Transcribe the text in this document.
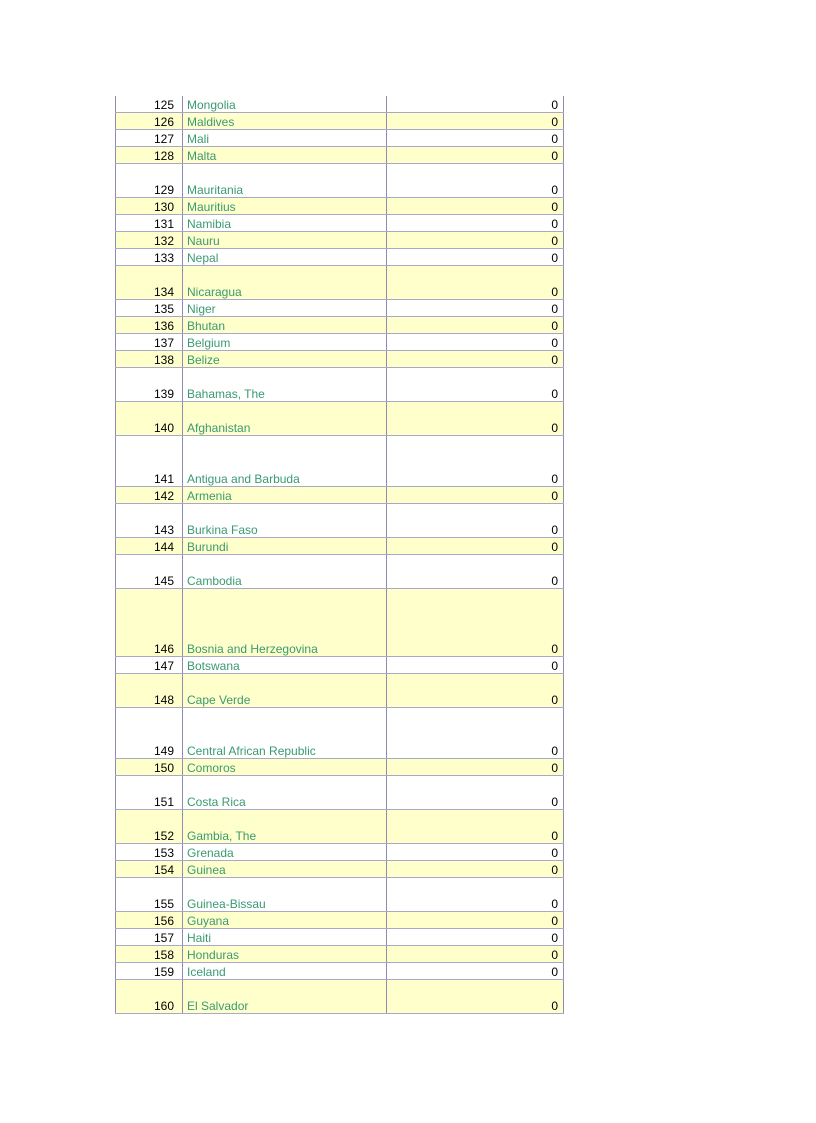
125	Mongolia	0
126	Maldives	0
127	Mali	0
128	Malta	0
129	Mauritania	0
130	Mauritius	0
131	Namibia	0
132	Nauru	0
133	Nepal	0
134	Nicaragua	0
135	Niger	0
136	Bhutan	0
137	Belgium	0
138	Belize	0
139	Bahamas, The	0
140	Afghanistan	0
141	Antigua and Barbuda	0
142	Armenia	0
143	Burkina Faso	0
144	Burundi	0
145	Cambodia	0
146	Bosnia and Herzegovina	0
147	Botswana	0
148	Cape Verde	0
149	Central African Republic	0
150	Comoros	0
151	Costa Rica	0
152	Gambia, The	0
153	Grenada	0
154	Guinea	0
155	Guinea-Bissau	0
156	Guyana	0
157	Haiti	0
158	Honduras	0
159	Iceland	0
160	El Salvador	0
